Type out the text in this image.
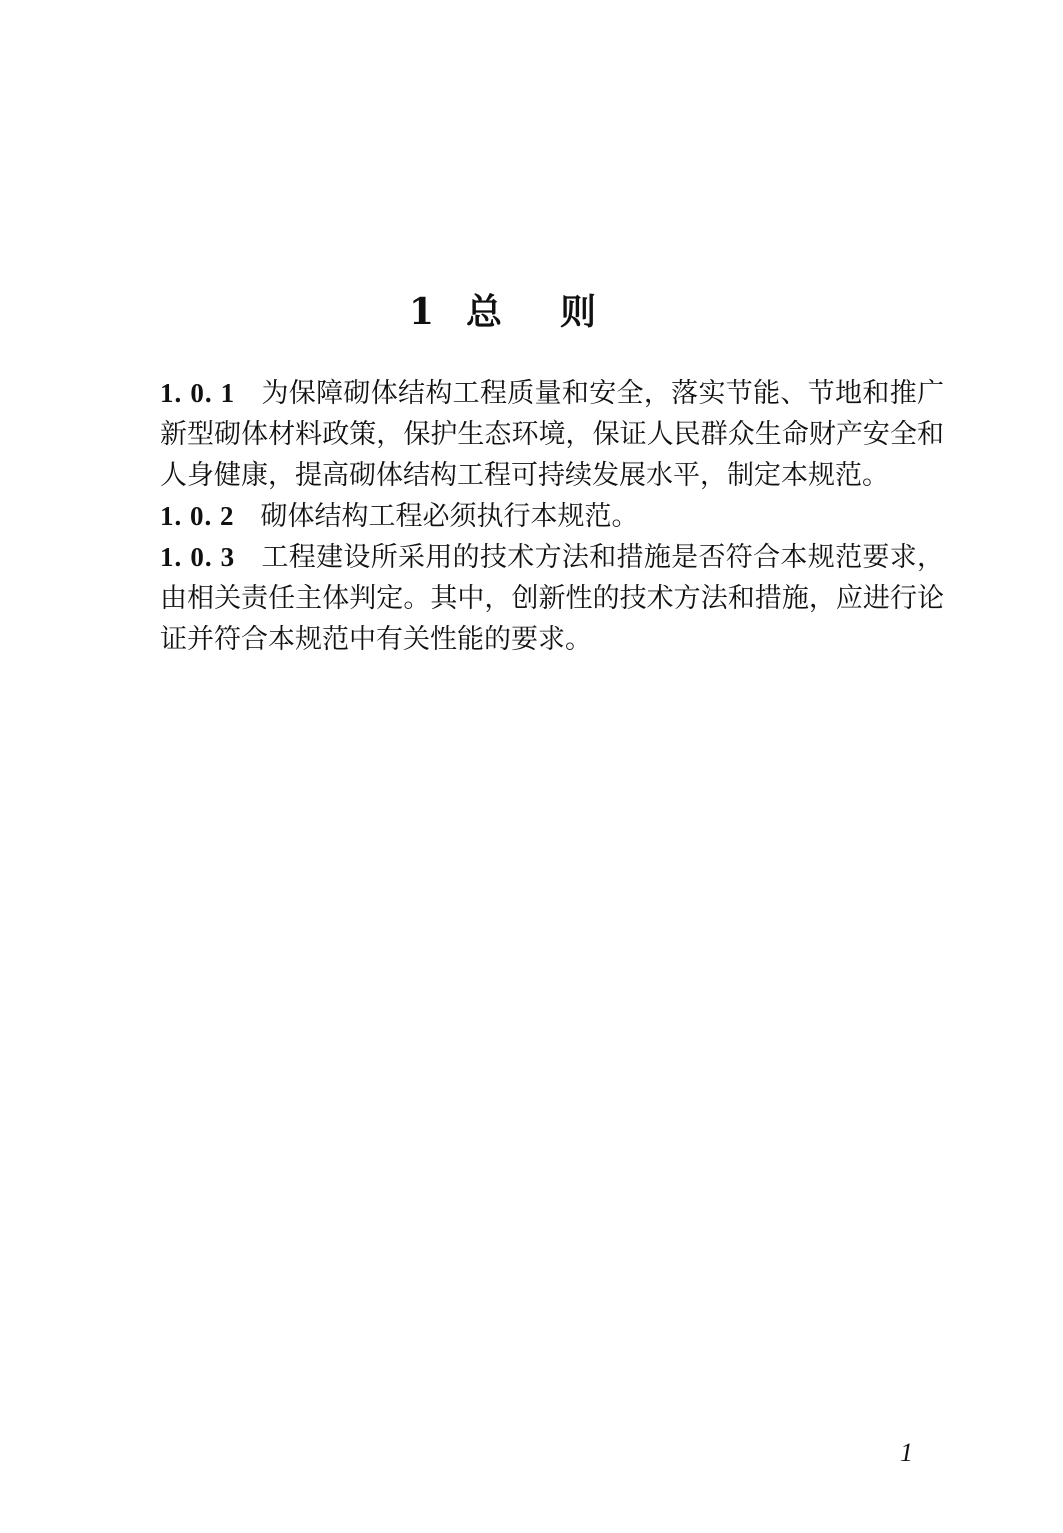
1 总则

1. 0. 1 为保障砌体结构工程质量和安全，落实节能、节地和推广新型砌体材料政策，保护生态环境，保证人民群众生命财产安全和人身健康，提高砌体结构工程可持续发展水平，制定本规范。

1. 0. 2 砌体结构工程必须执行本规范。

1. 0. 3 工程建设所采用的技术方法和措施是否符合本规范要求，由相关责任主体判定。其中，创新性的技术方法和措施，应进行论证并符合本规范中有关性能的要求。

1
